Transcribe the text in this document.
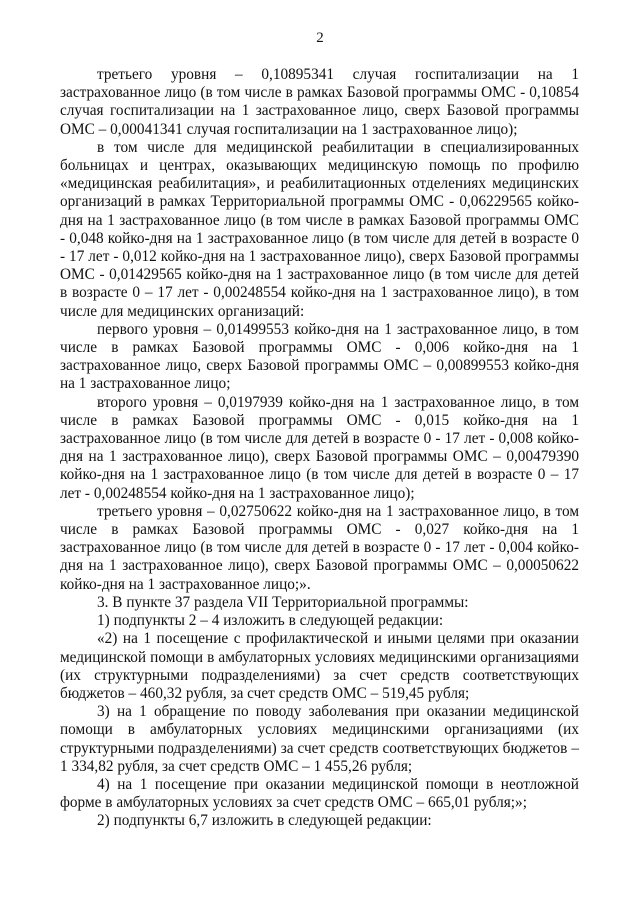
2

третьего уровня – 0,10895341 случая госпитализации на 1 застрахованное лицо (в том числе в рамках Базовой программы ОМС - 0,10854 случая госпитализации на 1 застрахованное лицо, сверх Базовой программы ОМС – 0,00041341 случая госпитализации на 1 застрахованное лицо);

в том числе для медицинской реабилитации в специализированных больницах и центрах, оказывающих медицинскую помощь по профилю «медицинская реабилитация», и реабилитационных отделениях медицинских организаций в рамках Территориальной программы ОМС - 0,06229565 койко-дня на 1 застрахованное лицо (в том числе в рамках Базовой программы ОМС - 0,048 койко-дня на 1 застрахованное лицо (в том числе для детей в возрасте 0 - 17 лет - 0,012 койко-дня на 1 застрахованное лицо), сверх Базовой программы ОМС - 0,01429565 койко-дня на 1 застрахованное лицо (в том числе для детей в возрасте 0 – 17 лет - 0,00248554 койко-дня на 1 застрахованное лицо), в том числе для медицинских организаций:

первого уровня – 0,01499553 койко-дня на 1 застрахованное лицо, в том числе в рамках Базовой программы ОМС - 0,006 койко-дня на 1 застрахованное лицо, сверх Базовой программы ОМС – 0,00899553 койко-дня на 1 застрахованное лицо;

второго уровня – 0,0197939 койко-дня на 1 застрахованное лицо, в том числе в рамках Базовой программы ОМС - 0,015 койко-дня на 1 застрахованное лицо (в том числе для детей в возрасте 0 - 17 лет - 0,008 койко-дня на 1 застрахованное лицо), сверх Базовой программы ОМС – 0,00479390 койко-дня на 1 застрахованное лицо (в том числе для детей в возрасте 0 – 17 лет - 0,00248554 койко-дня на 1 застрахованное лицо);

третьего уровня – 0,02750622 койко-дня на 1 застрахованное лицо, в том числе в рамках Базовой программы ОМС - 0,027 койко-дня на 1 застрахованное лицо (в том числе для детей в возрасте 0 - 17 лет - 0,004 койко-дня на 1 застрахованное лицо), сверх Базовой программы ОМС – 0,00050622 койко-дня на 1 застрахованное лицо;».

3. В пункте 37 раздела VII Территориальной программы:

1) подпункты 2 – 4 изложить в следующей редакции:

«2) на 1 посещение с профилактической и иными целями при оказании медицинской помощи в амбулаторных условиях медицинскими организациями (их структурными подразделениями) за счет средств соответствующих бюджетов – 460,32 рубля, за счет средств ОМС – 519,45 рубля;

3) на 1 обращение по поводу заболевания при оказании медицинской помощи в амбулаторных условиях медицинскими организациями (их структурными подразделениями) за счет средств соответствующих бюджетов – 1 334,82 рубля, за счет средств ОМС – 1 455,26 рубля;

4) на 1 посещение при оказании медицинской помощи в неотложной форме в амбулаторных условиях за счет средств ОМС – 665,01 рубля;»;

2) подпункты 6,7 изложить в следующей редакции:
